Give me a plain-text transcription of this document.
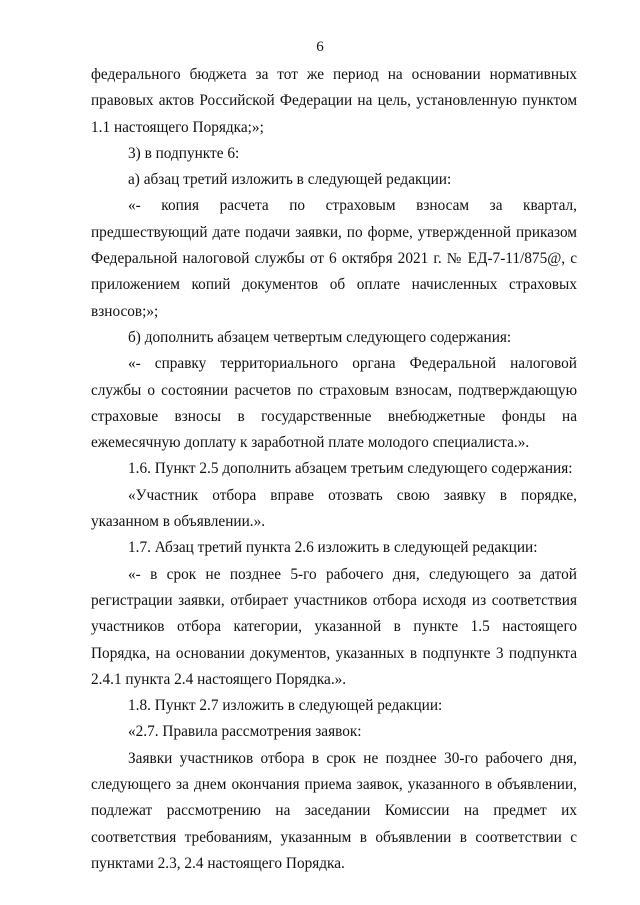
6

федерального бюджета за тот же период на основании нормативных правовых актов Российской Федерации на цель, установленную пунктом 1.1 настоящего Порядка;»;

3) в подпункте 6:

а) абзац третий изложить в следующей редакции:

«- копия расчета по страховым взносам за квартал, предшествующий дате подачи заявки, по форме, утвержденной приказом Федеральной налоговой службы от 6 октября 2021 г. № ЕД-7-11/875@, с приложением копий документов об оплате начисленных страховых взносов;»;

б) дополнить абзацем четвертым следующего содержания:

«- справку территориального органа Федеральной налоговой службы о состоянии расчетов по страховым взносам, подтверждающую страховые взносы в государственные внебюджетные фонды на ежемесячную доплату к заработной плате молодого специалиста.».

1.6. Пункт 2.5 дополнить абзацем третьим следующего содержания:

«Участник отбора вправе отозвать свою заявку в порядке, указанном в объявлении.».

1.7. Абзац третий пункта 2.6 изложить в следующей редакции:

«- в срок не позднее 5-го рабочего дня, следующего за датой регистрации заявки, отбирает участников отбора исходя из соответствия участников отбора категории, указанной в пункте 1.5 настоящего Порядка, на основании документов, указанных в подпункте 3 подпункта 2.4.1 пункта 2.4 настоящего Порядка.».

1.8. Пункт 2.7 изложить в следующей редакции:

«2.7. Правила рассмотрения заявок:

Заявки участников отбора в срок не позднее 30-го рабочего дня, следующего за днем окончания приема заявок, указанного в объявлении, подлежат рассмотрению на заседании Комиссии на предмет их соответствия требованиям, указанным в объявлении в соответствии с пунктами 2.3, 2.4 настоящего Порядка.
